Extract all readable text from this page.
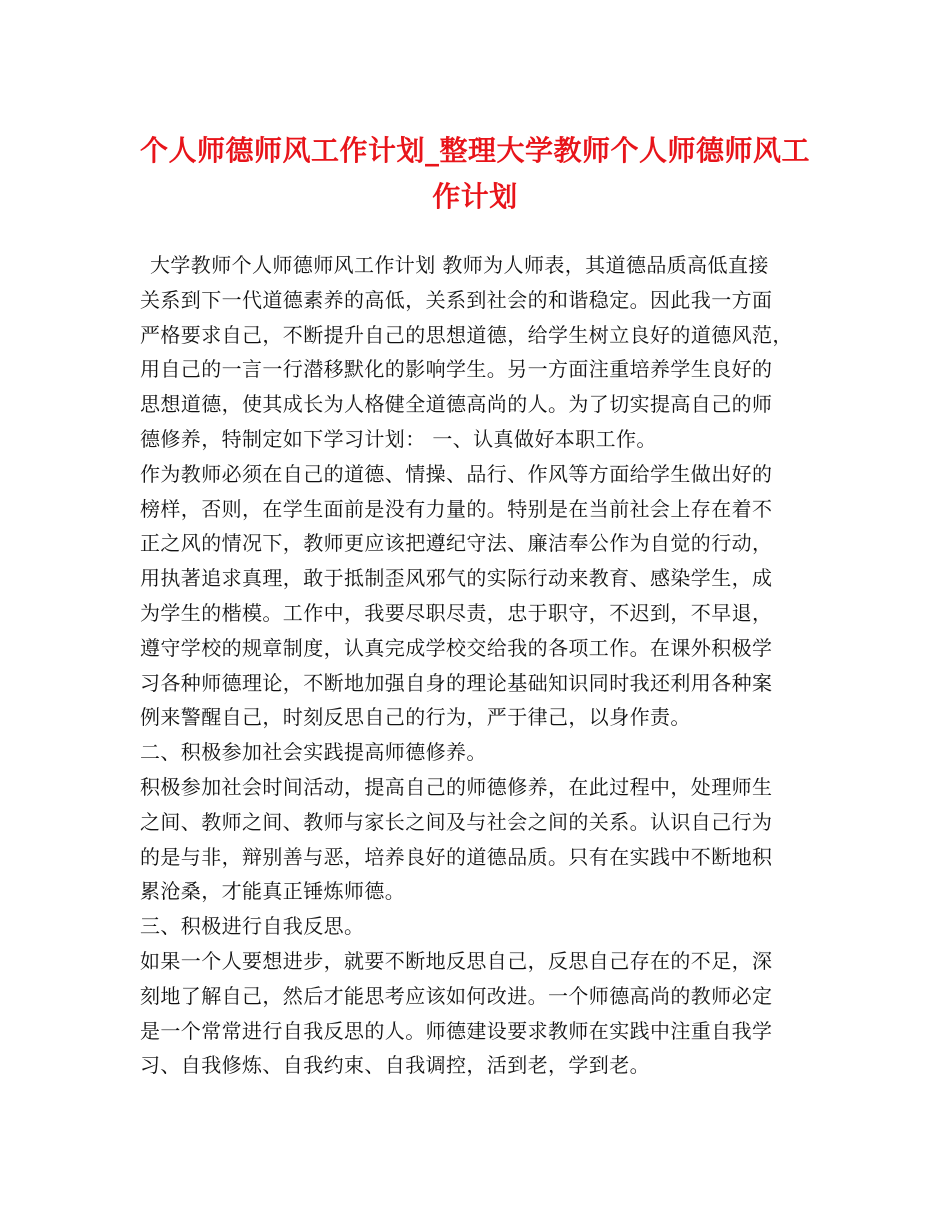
个人师德师风工作计划_整理大学教师个人师德师风工
作计划
大学教师个人师德师风工作计划 教师为人师表，其道德品质高低直接
关系到下一代道德素养的高低，关系到社会的和谐稳定。因此我一方面
严格要求自己，不断提升自己的思想道德，给学生树立良好的道德风范，
用自己的一言一行潜移默化的影响学生。另一方面注重培养学生良好的
思想道德，使其成长为人格健全道德高尚的人。为了切实提高自己的师
德修养，特制定如下学习计划： 一、认真做好本职工作。
作为教师必须在自己的道德、情操、品行、作风等方面给学生做出好的
榜样，否则，在学生面前是没有力量的。特别是在当前社会上存在着不
正之风的情况下，教师更应该把遵纪守法、廉洁奉公作为自觉的行动，
用执著追求真理，敢于抵制歪风邪气的实际行动来教育、感染学生，成
为学生的楷模。工作中，我要尽职尽责，忠于职守，不迟到，不早退，
遵守学校的规章制度，认真完成学校交给我的各项工作。在课外积极学
习各种师德理论，不断地加强自身的理论基础知识同时我还利用各种案
例来警醒自己，时刻反思自己的行为，严于律己，以身作责。
二、积极参加社会实践提高师德修养。
积极参加社会时间活动，提高自己的师德修养，在此过程中，处理师生
之间、教师之间、教师与家长之间及与社会之间的关系。认识自己行为
的是与非，辩别善与恶，培养良好的道德品质。只有在实践中不断地积
累沧桑，才能真正锤炼师德。
三、积极进行自我反思。
如果一个人要想进步，就要不断地反思自己，反思自己存在的不足，深
刻地了解自己，然后才能思考应该如何改进。一个师德高尚的教师必定
是一个常常进行自我反思的人。师德建设要求教师在实践中注重自我学
习、自我修炼、自我约束、自我调控，活到老，学到老。
